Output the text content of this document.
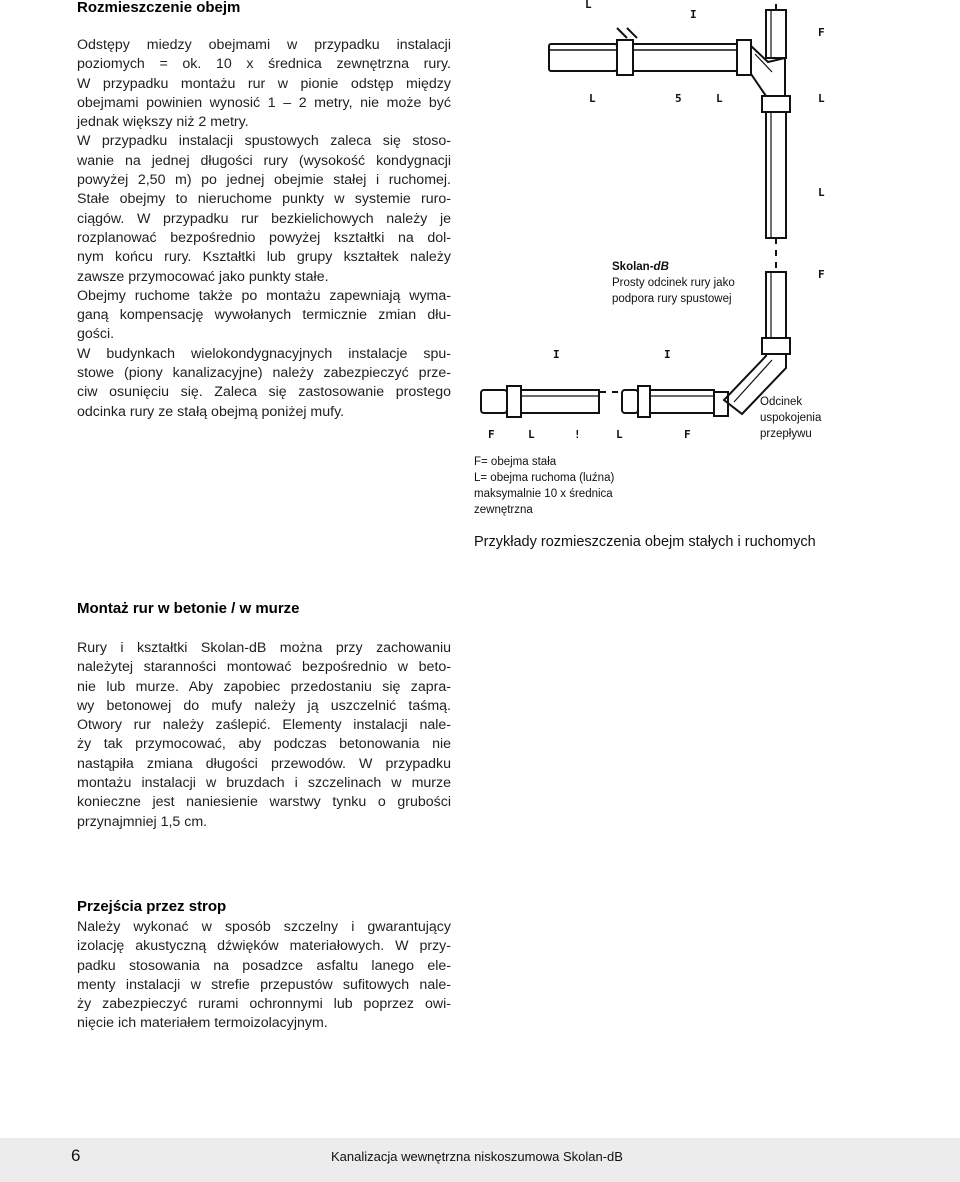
Rozmieszczenie obejm
Odstępy miedzy obejmami w przypadku instalacji
poziomych = ok. 10 x średnica zewnętrzna rury.
W przypadku montażu rur w pionie odstęp między
obejmami powinien wynosić 1 – 2 metry, nie może być
jednak większy niż 2 metry.
W przypadku instalacji spustowych zaleca się stoso-
wanie na jednej długości rury (wysokość kondygnacji
powyżej 2,50 m) po jednej obejmie stałej i ruchomej.
Stałe obejmy to nieruchome punkty w systemie ruro-
ciągów. W przypadku rur bezkielichowych należy je
rozplanować bezpośrednio powyżej kształtki na dol-
nym końcu rury. Kształtki lub grupy kształtek należy
zawsze przymocować jako punkty stałe.
Obejmy ruchome także po montażu zapewniają wyma-
ganą kompensację wywołanych termicznie zmian dłu-
gości.
W budynkach wielokondygnacyjnych instalacje spu-
stowe (piony kanalizacyjne) należy zabezpieczyć prze-
ciw osunięciu się. Zaleca się zastosowanie prostego
odcinka rury ze stałą obejmą poniżej mufy.
Montaż rur w betonie / w murze
Rury i kształtki Skolan-dB można przy zachowaniu
należytej staranności montować bezpośrednio w beto-
nie lub murze. Aby zapobiec przedostaniu się zapra-
wy betonowej do mufy należy ją uszczelnić taśmą.
Otwory rur należy zaślepić. Elementy instalacji nale-
ży tak przymocować, aby podczas betonowania nie
nastąpiła zmiana długości przewodów. W przypadku
montażu instalacji w bruzdach i szczelinach w murze
konieczne jest naniesienie warstwy tynku o grubości
przynajmniej 1,5 cm.
Przejścia przez strop
Należy wykonać w sposób szczelny i gwarantujący
izolację akustyczną dźwięków materiałowych. W przy-
padku stosowania na posadzce asfaltu lanego ele-
menty instalacji w strefie przepustów sufitowych nale-
ży zabezpieczyć rurami ochronnymi lub poprzez owi-
nięcie ich materiałem termoizolacyjnym.
L
I
L	5	L	L
F
F
L
I	I
F	L	!	L	F
Skolan-dB
Prosty odcinek rury jako
podpora rury spustowej
Odcinek
uspokojenia
przepływu
F= obejma stała
L= obejma ruchoma (luźna)
maksymalnie 10 x średnica
zewnętrzna
Przykłady rozmieszczenia obejm stałych i ruchomych
6	Kanalizacja wewnętrzna niskoszumowa Skolan-dB
